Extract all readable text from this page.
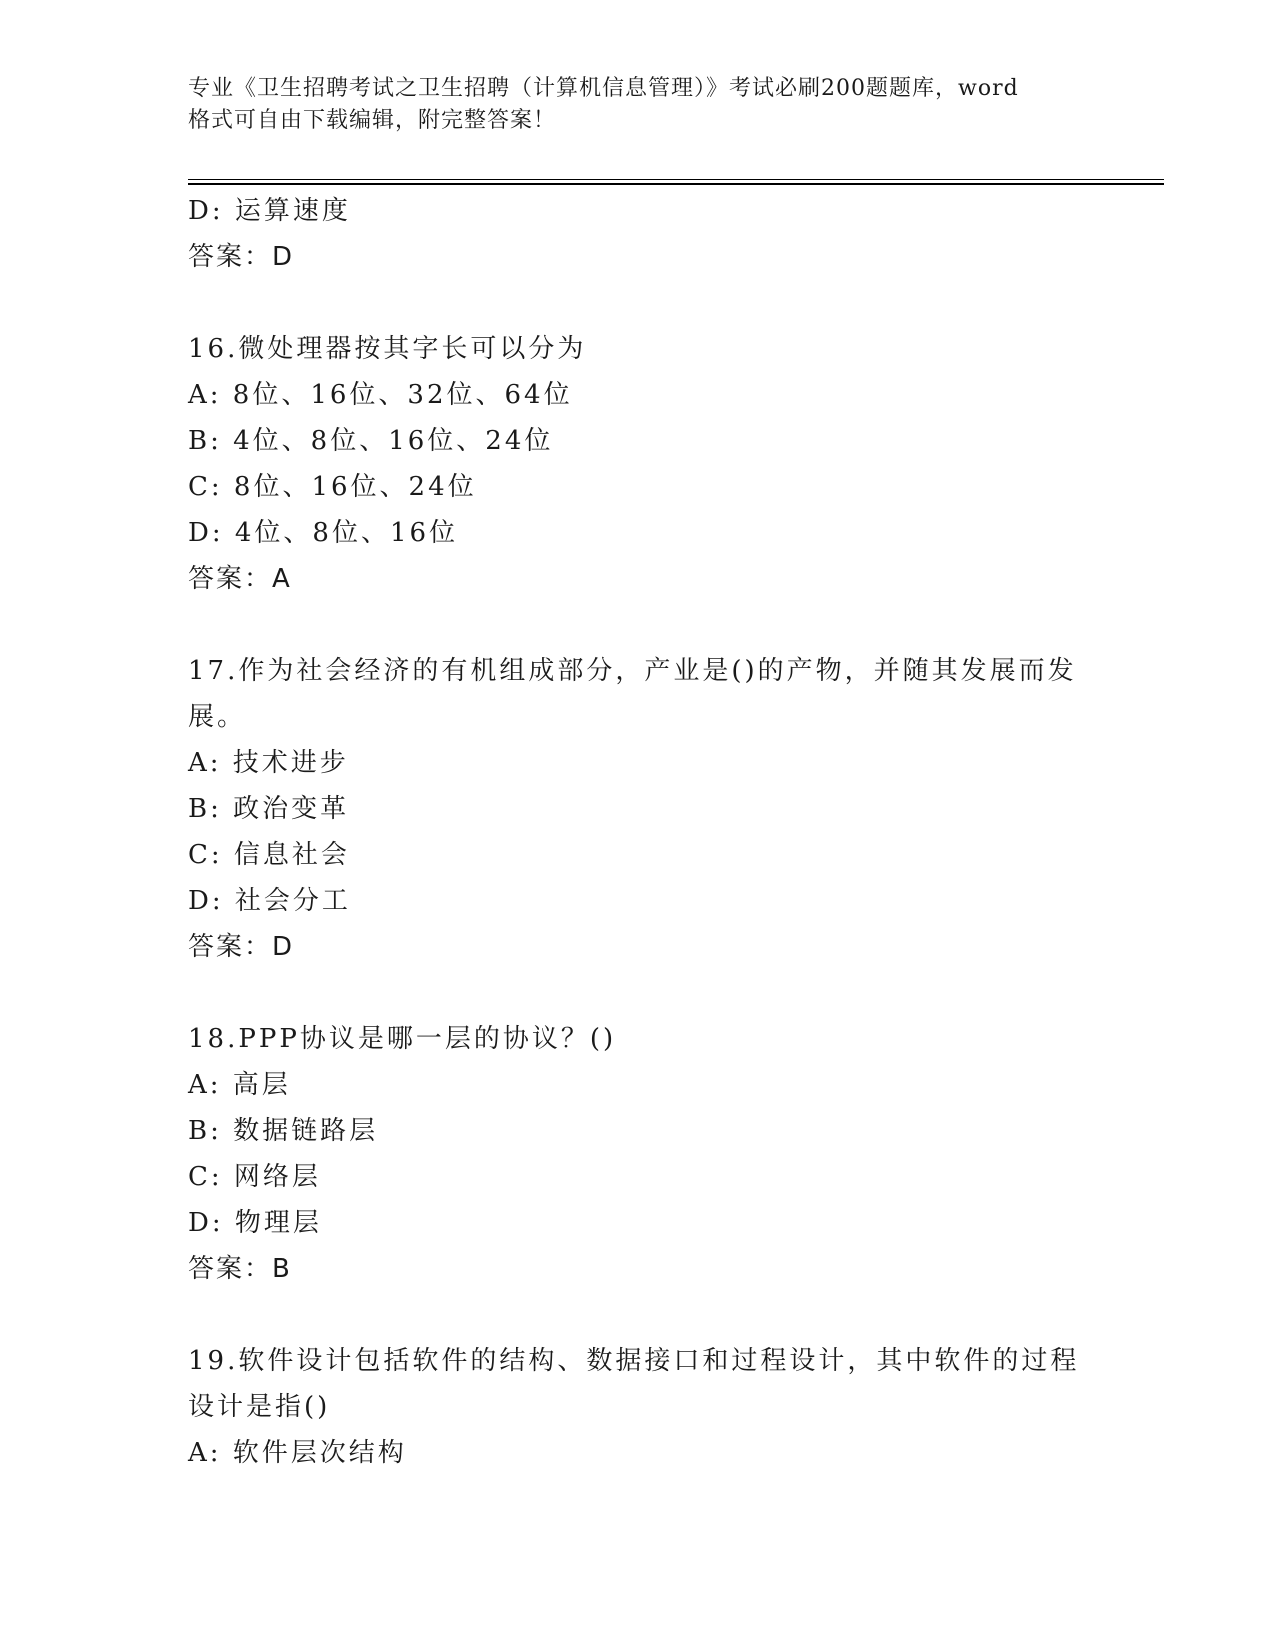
专业《卫生招聘考试之卫生招聘（计算机信息管理）》考试必刷200题题库，word
格式可自由下载编辑，附完整答案！
D: 运算速度
答案：D
16.微处理器按其字长可以分为
A: 8位、16位、32位、64位
B: 4位、8位、16位、24位
C: 8位、16位、24位
D: 4位、8位、16位
答案：A
17.作为社会经济的有机组成部分，产业是()的产物，并随其发展而发
展。
A: 技术进步
B: 政治变革
C: 信息社会
D: 社会分工
答案：D
18.PPP协议是哪一层的协议？()
A: 高层
B: 数据链路层
C: 网络层
D: 物理层
答案：B
19.软件设计包括软件的结构、数据接口和过程设计，其中软件的过程
设计是指()
A: 软件层次结构
